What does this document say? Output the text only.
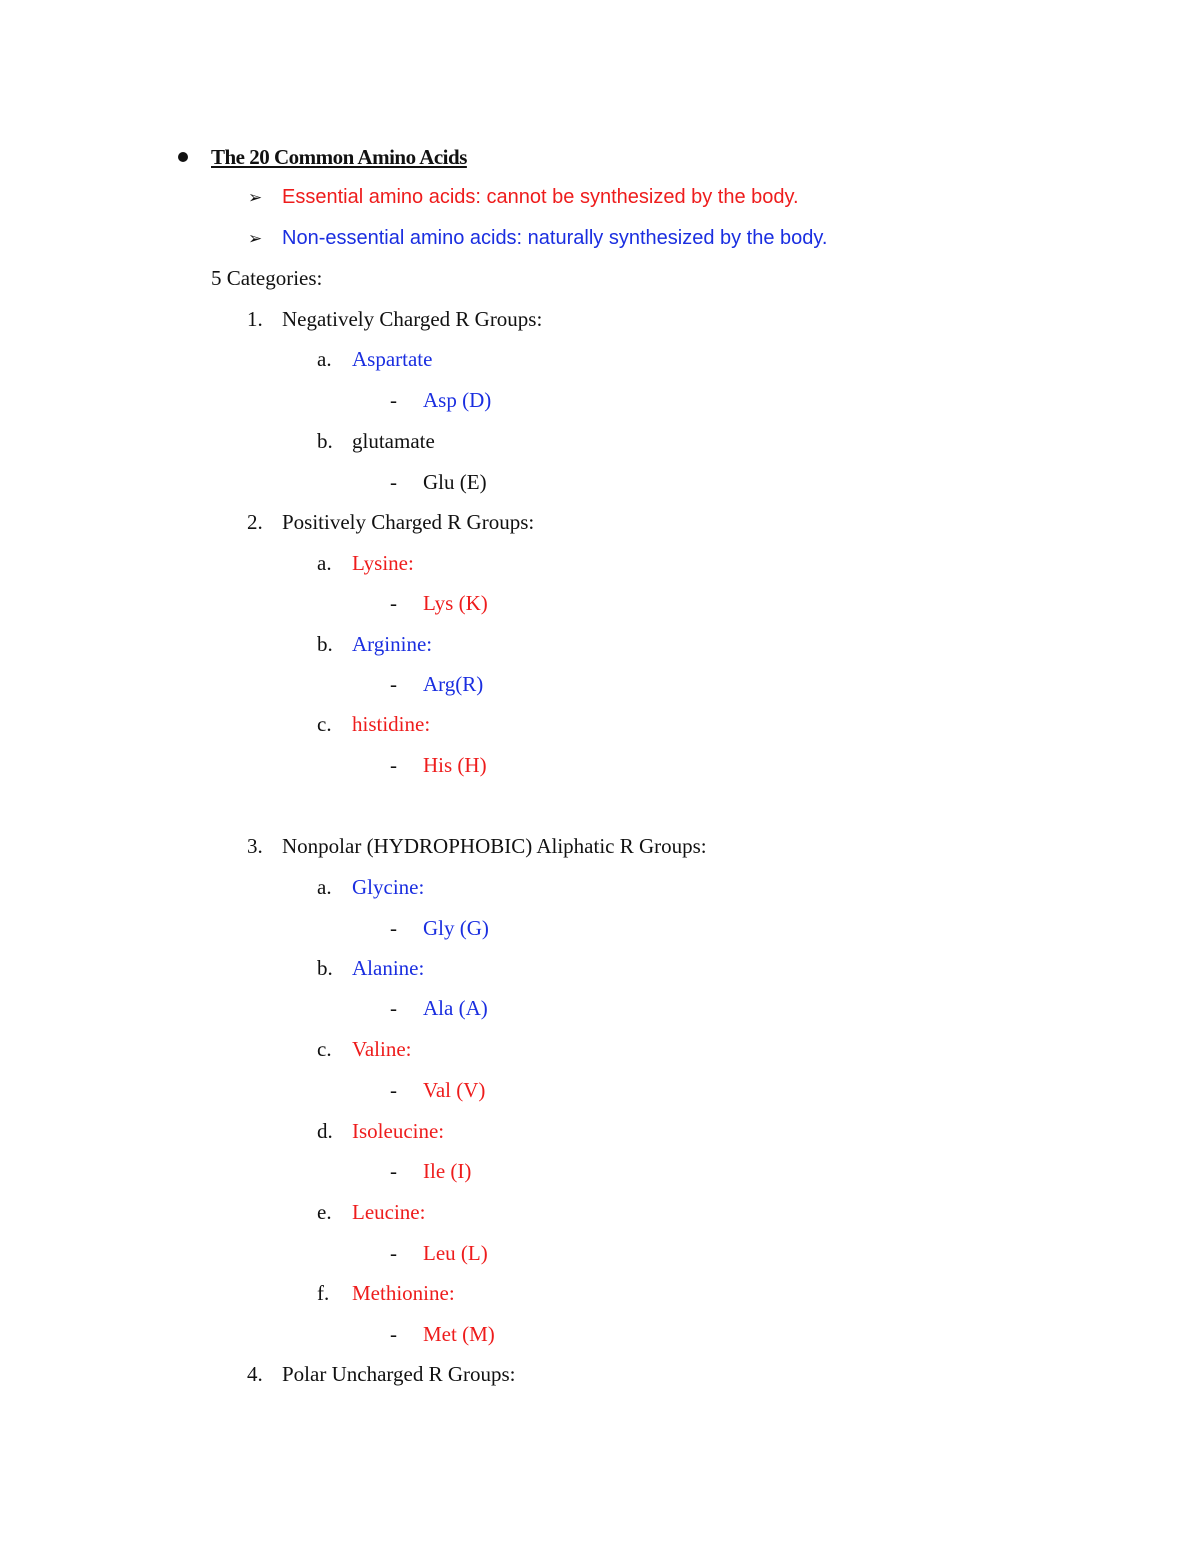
The 20 Common Amino Acids
➢ Essential amino acids: cannot be synthesized by the body.
➢ Non-essential amino acids: naturally synthesized by the body.
5 Categories:
1. Negatively Charged R Groups:
a. Aspartate
- Asp (D)
b. glutamate
- Glu (E)
2. Positively Charged R Groups:
a. Lysine:
- Lys (K)
b. Arginine:
- Arg(R)
c. histidine:
- His (H)
3. Nonpolar (HYDROPHOBIC) Aliphatic R Groups:
a. Glycine:
- Gly (G)
b. Alanine:
- Ala (A)
c. Valine:
- Val (V)
d. Isoleucine:
- Ile (I)
e. Leucine:
- Leu (L)
f. Methionine:
- Met (M)
4. Polar Uncharged R Groups:
